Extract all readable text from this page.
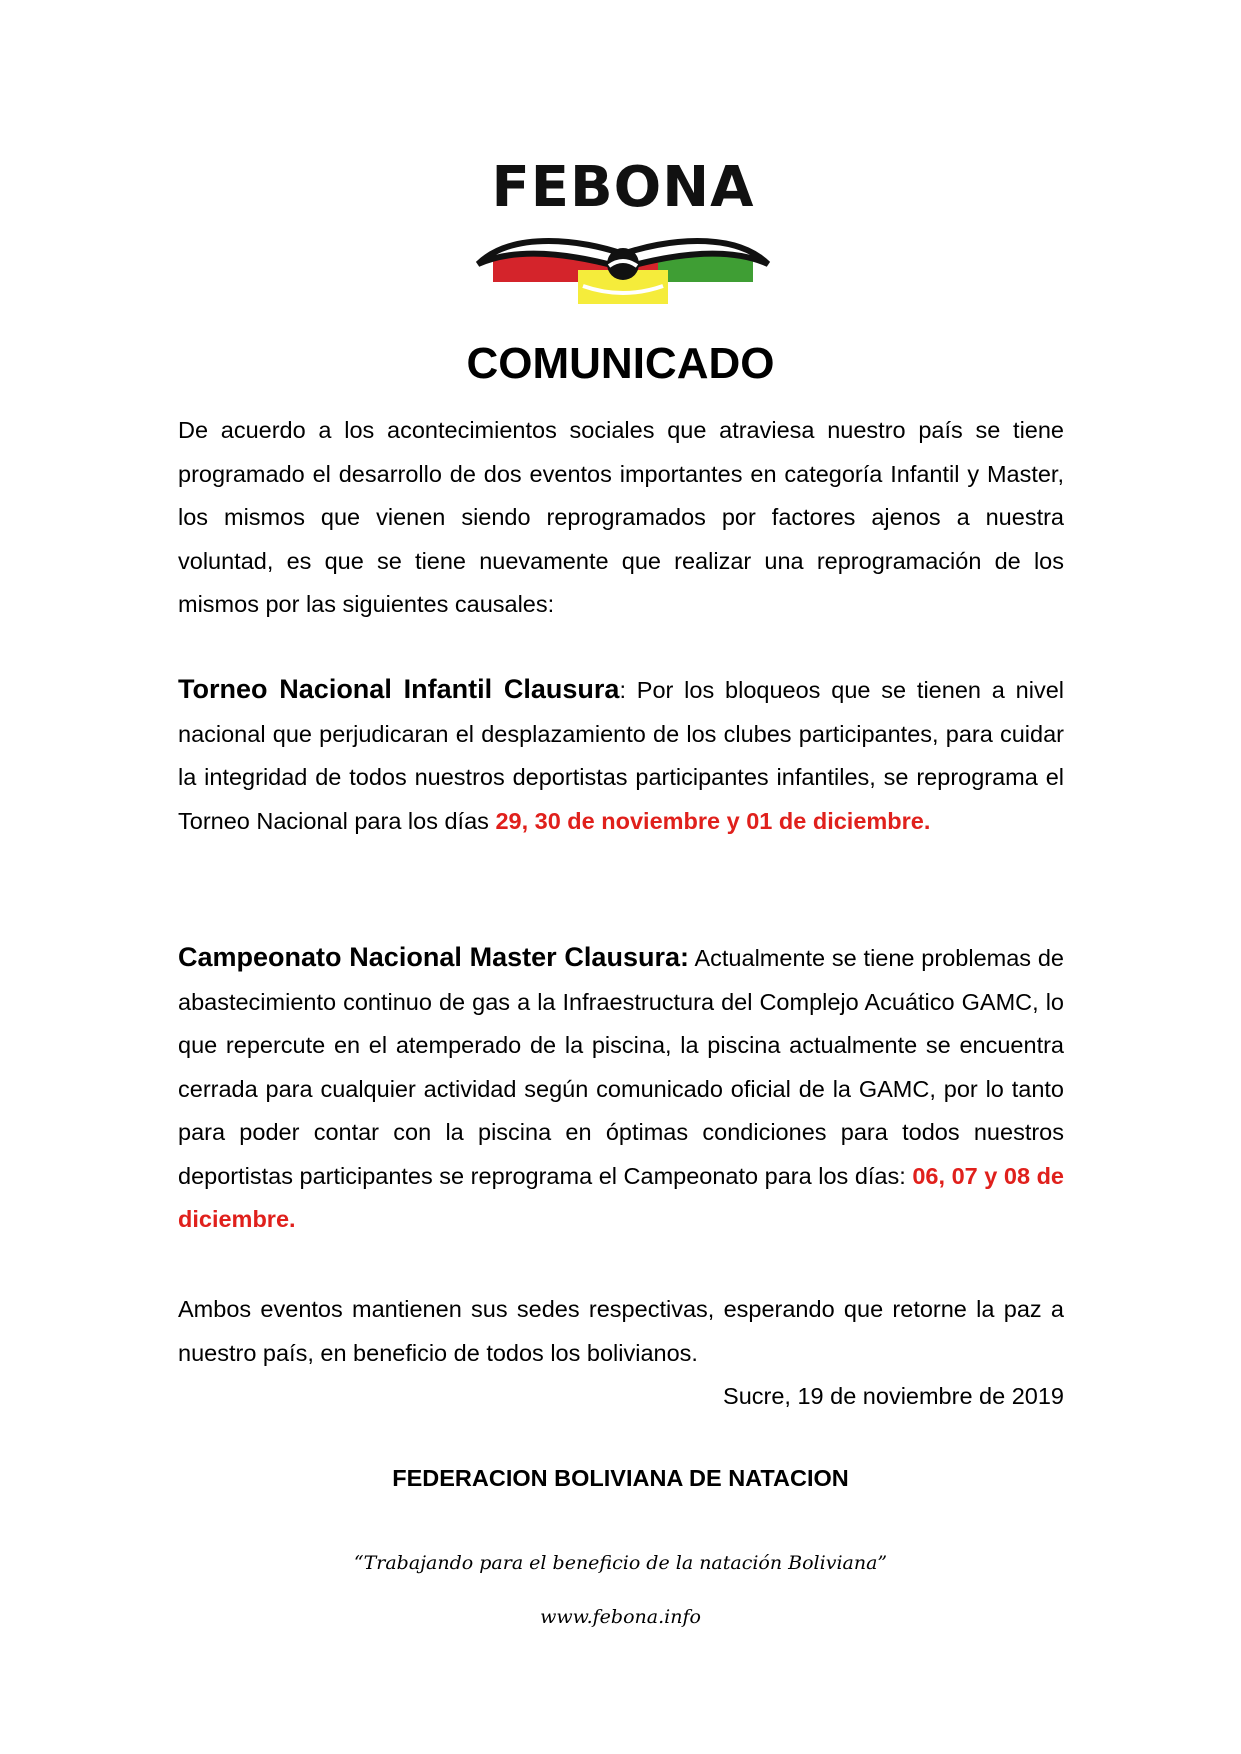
FEBONA
COMUNICADO
De acuerdo a los acontecimientos sociales que atraviesa nuestro país se tiene programado el desarrollo de dos eventos importantes en categoría Infantil y Master, los mismos que vienen siendo reprogramados por factores ajenos a nuestra voluntad, es que se tiene nuevamente que realizar una reprogramación de los mismos por las siguientes causales:
Torneo Nacional Infantil Clausura: Por los bloqueos que se tienen a nivel nacional que perjudicaran el desplazamiento de los clubes participantes, para cuidar la integridad de todos nuestros deportistas participantes infantiles, se reprograma el Torneo Nacional para los días 29, 30 de noviembre y 01 de diciembre.
Campeonato Nacional Master Clausura: Actualmente se tiene problemas de abastecimiento continuo de gas a la Infraestructura del Complejo Acuático GAMC, lo que repercute en el atemperado de la piscina, la piscina actualmente se encuentra cerrada para cualquier actividad según comunicado oficial de la GAMC, por lo tanto para poder contar con la piscina en óptimas condiciones para todos nuestros deportistas participantes se reprograma el Campeonato para los días: 06, 07 y 08 de diciembre.
Ambos eventos mantienen sus sedes respectivas, esperando que retorne la paz a nuestro país, en beneficio de todos los bolivianos.
Sucre, 19 de noviembre de 2019
FEDERACION BOLIVIANA DE NATACION
“Trabajando para el beneficio de la natación Boliviana”
www.febona.info
